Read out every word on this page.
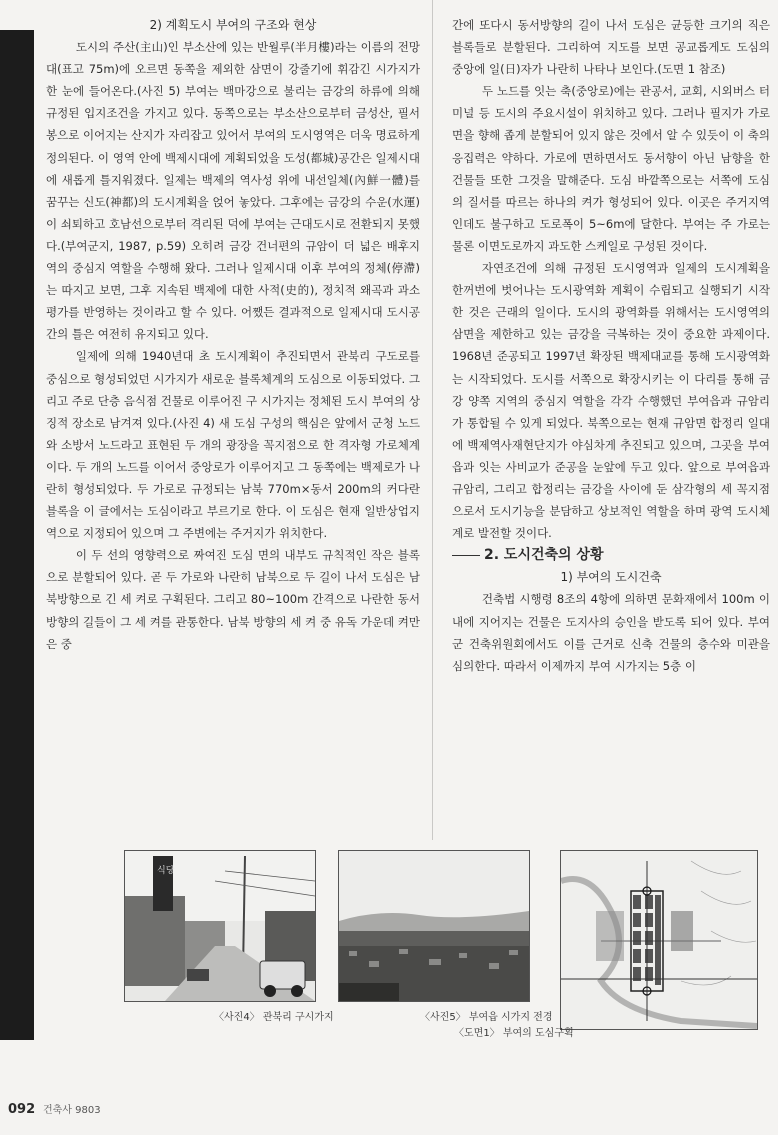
2) 계획도시 부여의 구조와 현상

도시의 주산(主山)인 부소산에 있는 반월루(半月樓)라는 이름의 전망대(표고 75m)에 오르면 동쪽을 제외한 삼면이 강줄기에 휘감긴 시가지가 한 눈에 들어온다.(사진 5) 부여는 백마강으로 불리는 금강의 하류에 의해 규정된 입지조건을 가지고 있다. 동쪽으로는 부소산으로부터 금성산, 필서봉으로 이어지는 산지가 자리잡고 있어서 부여의 도시영역은 더욱 명료하게 정의된다. 이 영역 안에 백제시대에 계획되었을 도성(都城)공간은 일제시대에 새롭게 틀지워졌다. 일제는 백제의 역사성 위에 내선일체(內鮮一體)를 꿈꾸는 신도(神都)의 도시계획을 얹어 놓았다. 그후에는 금강의 수운(水運)이 쇠퇴하고 호남선으로부터 격리된 덕에 부여는 근대도시로 전환되지 못했다.(부여군지, 1987, p.59) 오히려 금강 건너편의 규암이 더 넓은 배후지역의 중심지 역할을 수행해 왔다. 그러나 일제시대 이후 부여의 정체(停滯)는 따지고 보면, 그후 지속된 백제에 대한 사적(史的), 정치적 왜곡과 과소평가를 반영하는 것이라고 할 수 있다. 어쨌든 결과적으로 일제시대 도시공간의 틀은 여전히 유지되고 있다.

일제에 의해 1940년대 초 도시계획이 추진되면서 관북리 구도로를 중심으로 형성되었던 시가지가 새로운 블록체계의 도심으로 이동되었다. 그리고 주로 단층 음식점 건물로 이루어진 구 시가지는 정체된 도시 부여의 상징적 장소로 남겨져 있다.(사진 4) 새 도심 구성의 핵심은 앞에서 군청 노드와 소방서 노드라고 표현된 두 개의 광장을 꼭지점으로 한 격자형 가로체계이다. 두 개의 노드를 이어서 중앙로가 이루어지고 그 동쪽에는 백제로가 나란히 형성되었다. 두 가로로 규정되는 남북 770m×동서 200m의 커다란 블록을 이 글에서는 도심이라고 부르기로 한다. 이 도심은 현재 일반상업지역으로 지정되어 있으며 그 주변에는 주거지가 위치한다.

이 두 선의 영향력으로 짜여진 도심 면의 내부도 규칙적인 작은 블록으로 분할되어 있다. 곧 두 가로와 나란히 남북으로 두 길이 나서 도심은 남북방향으로 긴 세 켜로 구획된다. 그리고 80~100m 간격으로 나란한 동서방향의 길들이 그 세 켜를 관통한다. 남북 방향의 세 켜 중 유독 가운데 켜만은 중

간에 또다시 동서방향의 길이 나서 도심은 균등한 크기의 직은 블록들로 분할된다. 그리하여 지도를 보면 공교롭게도 도심의 중앙에 일(日)자가 나란히 나타나 보인다.(도면 1 참조)

두 노드를 잇는 축(중앙로)에는 관공서, 교회, 시외버스 터미널 등 도시의 주요시설이 위치하고 있다. 그러나 필지가 가로면을 향해 좁게 분할되어 있지 않은 것에서 알 수 있듯이 이 축의 응집력은 약하다. 가로에 면하면서도 동서향이 아닌 남향을 한 건물들 또한 그것을 말해준다. 도심 바깥쪽으로는 서쪽에 도심의 질서를 따르는 하나의 켜가 형성되어 있다. 이곳은 주거지역인데도 불구하고 도로폭이 5~6m에 달한다. 부여는 주 가로는 물론 이면도로까지 과도한 스케일로 구성된 것이다.

자연조건에 의해 규정된 도시영역과 일제의 도시계획을 한꺼번에 벗어나는 도시광역화 계획이 수립되고 실행되기 시작한 것은 근래의 일이다. 도시의 광역화를 위해서는 도시영역의 삼면을 제한하고 있는 금강을 극복하는 것이 중요한 과제이다. 1968년 준공되고 1997년 확장된 백제대교를 통해 도시광역화는 시작되었다. 도시를 서쪽으로 확장시키는 이 다리를 통해 금강 양쪽 지역의 중심지 역할을 각각 수행했던 부여읍과 규암리가 통합될 수 있게 되었다. 북쪽으로는 현재 규암면 합정리 일대에 백제역사재현단지가 야심차게 추진되고 있으며, 그곳을 부여읍과 잇는 사비교가 준공을 눈앞에 두고 있다. 앞으로 부여읍과 규암리, 그리고 합정리는 금강을 사이에 둔 삼각형의 세 꼭지점으로서 도시기능을 분담하고 상보적인 역할을 하며 광역 도시체계로 발전할 것이다.

2. 도시건축의 상황

1) 부여의 도시건축

건축법 시행령 8조의 4항에 의하면 문화재에서 100m 이내에 지어지는 건물은 도지사의 승인을 받도록 되어 있다. 부여군 건축위원회에서도 이를 근거로 신축 건물의 층수와 미관을 심의한다. 따라서 이제까지 부여 시가지는 5층 이

식당
〈사진4〉 관북리 구시가지	〈사진5〉 부여읍 시가지 전경
〈도면1〉 부여의 도심구획
092 건축사 9803
